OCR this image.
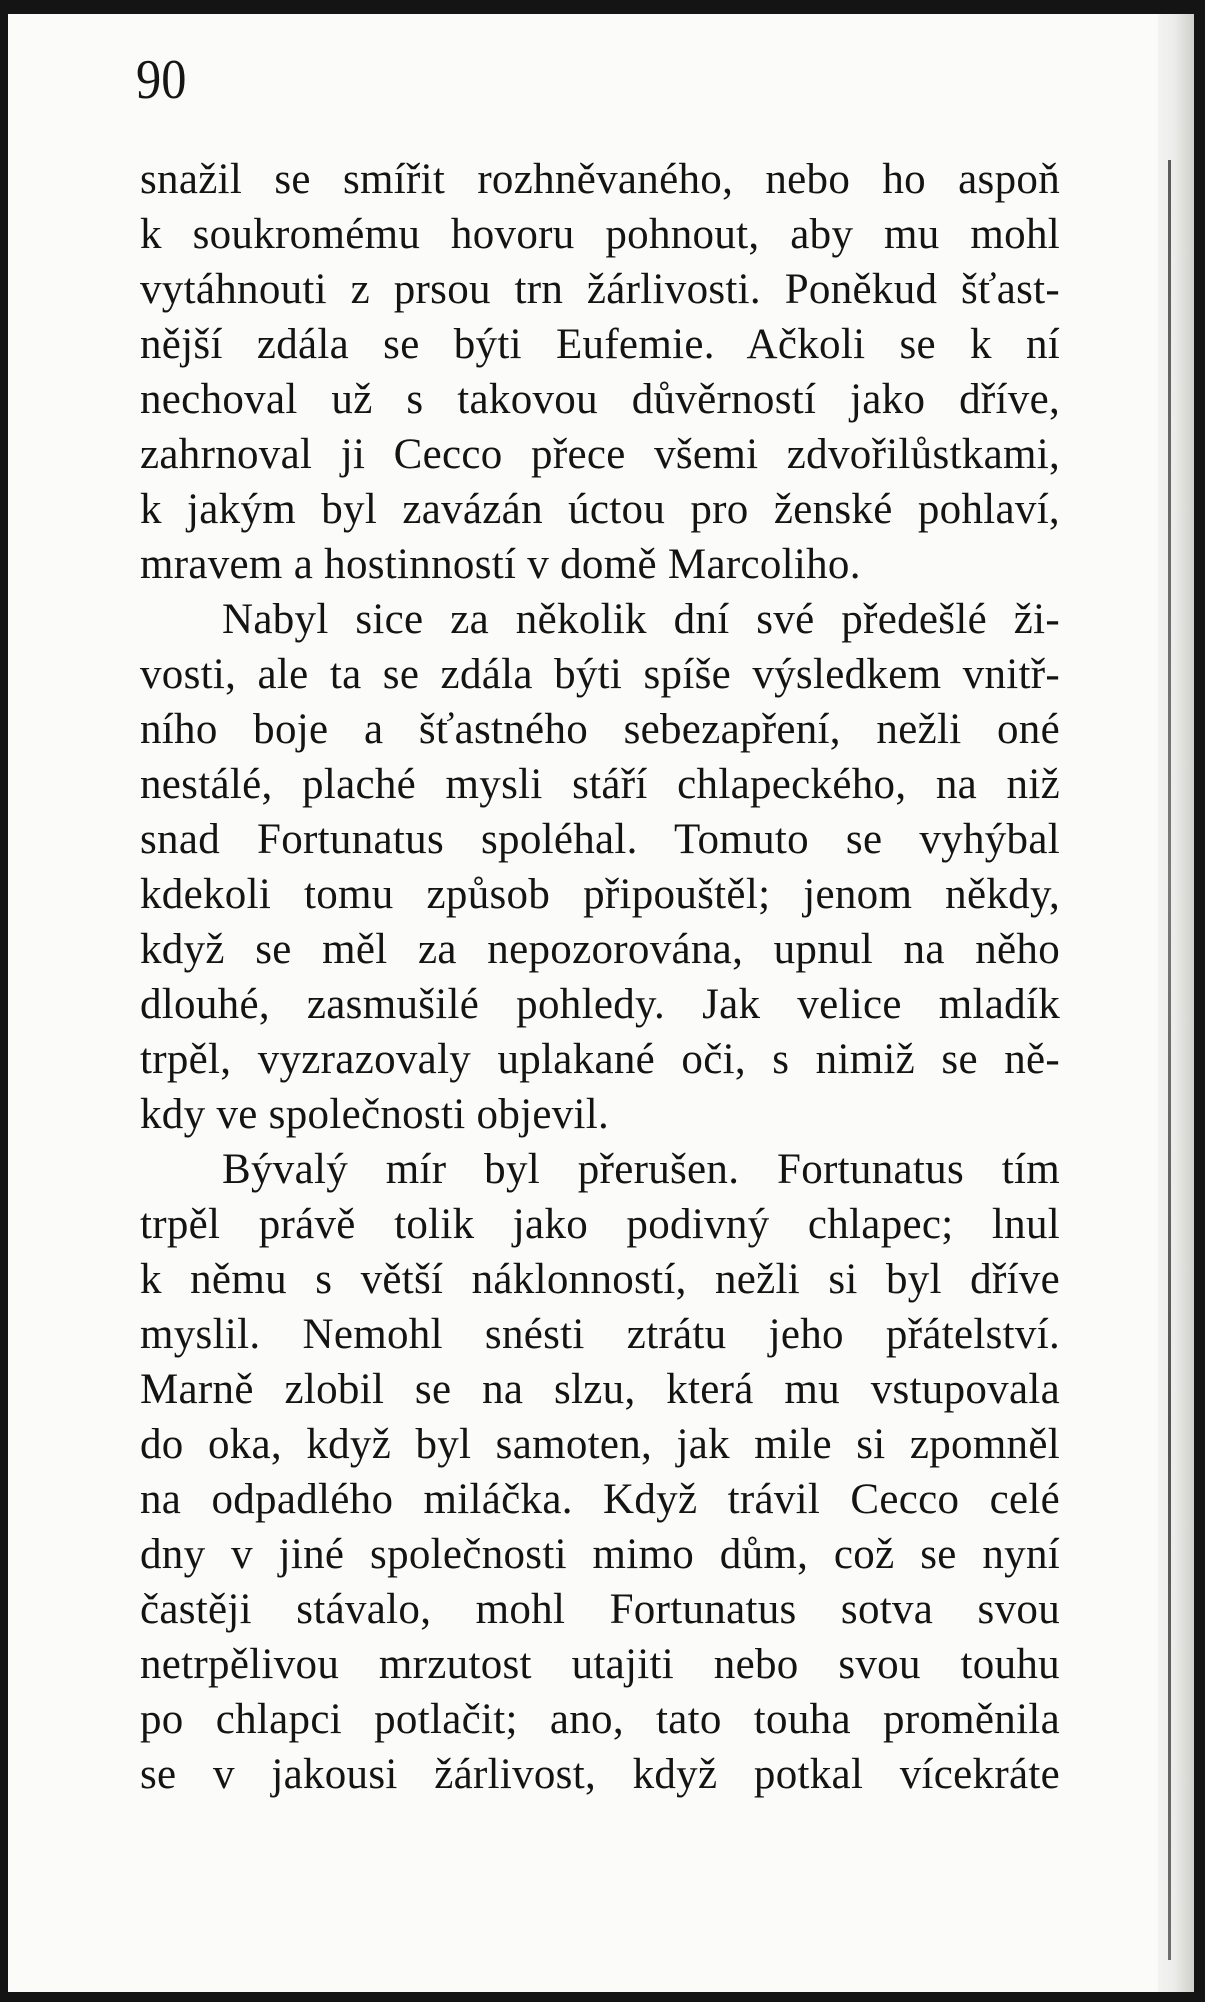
90
snažil se smířit rozhněvaného, nebo ho aspoň
k soukromému hovoru pohnout, aby mu mohl
vytáhnouti z prsou trn žárlivosti. Poněkud šťast-
nější zdála se býti Eufemie. Ačkoli se k ní
nechoval už s takovou důvěrností jako dříve,
zahrnoval ji Cecco přece všemi zdvořilůstkami,
k jakým byl zavázán úctou pro ženské pohlaví,
mravem a hostinností v domě Marcoliho.
Nabyl sice za několik dní své předešlé ži-
vosti, ale ta se zdála býti spíše výsledkem vnitř-
ního boje a šťastného sebezapření, nežli oné
nestálé, plaché mysli stáří chlapeckého, na niž
snad Fortunatus spoléhal. Tomuto se vyhýbal
kdekoli tomu způsob připouštěl; jenom někdy,
když se měl za nepozorována, upnul na něho
dlouhé, zasmušilé pohledy. Jak velice mladík
trpěl, vyzrazovaly uplakané oči, s nimiž se ně-
kdy ve společnosti objevil.
Bývalý mír byl přerušen. Fortunatus tím
trpěl právě tolik jako podivný chlapec; lnul
k němu s větší náklonností, nežli si byl dříve
myslil. Nemohl snésti ztrátu jeho přátelství.
Marně zlobil se na slzu, která mu vstupovala
do oka, když byl samoten, jak mile si zpomněl
na odpadlého miláčka. Když trávil Cecco celé
dny v jiné společnosti mimo dům, což se nyní
častěji stávalo, mohl Fortunatus sotva svou
netrpělivou mrzutost utajiti nebo svou touhu
po chlapci potlačit; ano, tato touha proměnila
se v jakousi žárlivost, když potkal vícekráte
